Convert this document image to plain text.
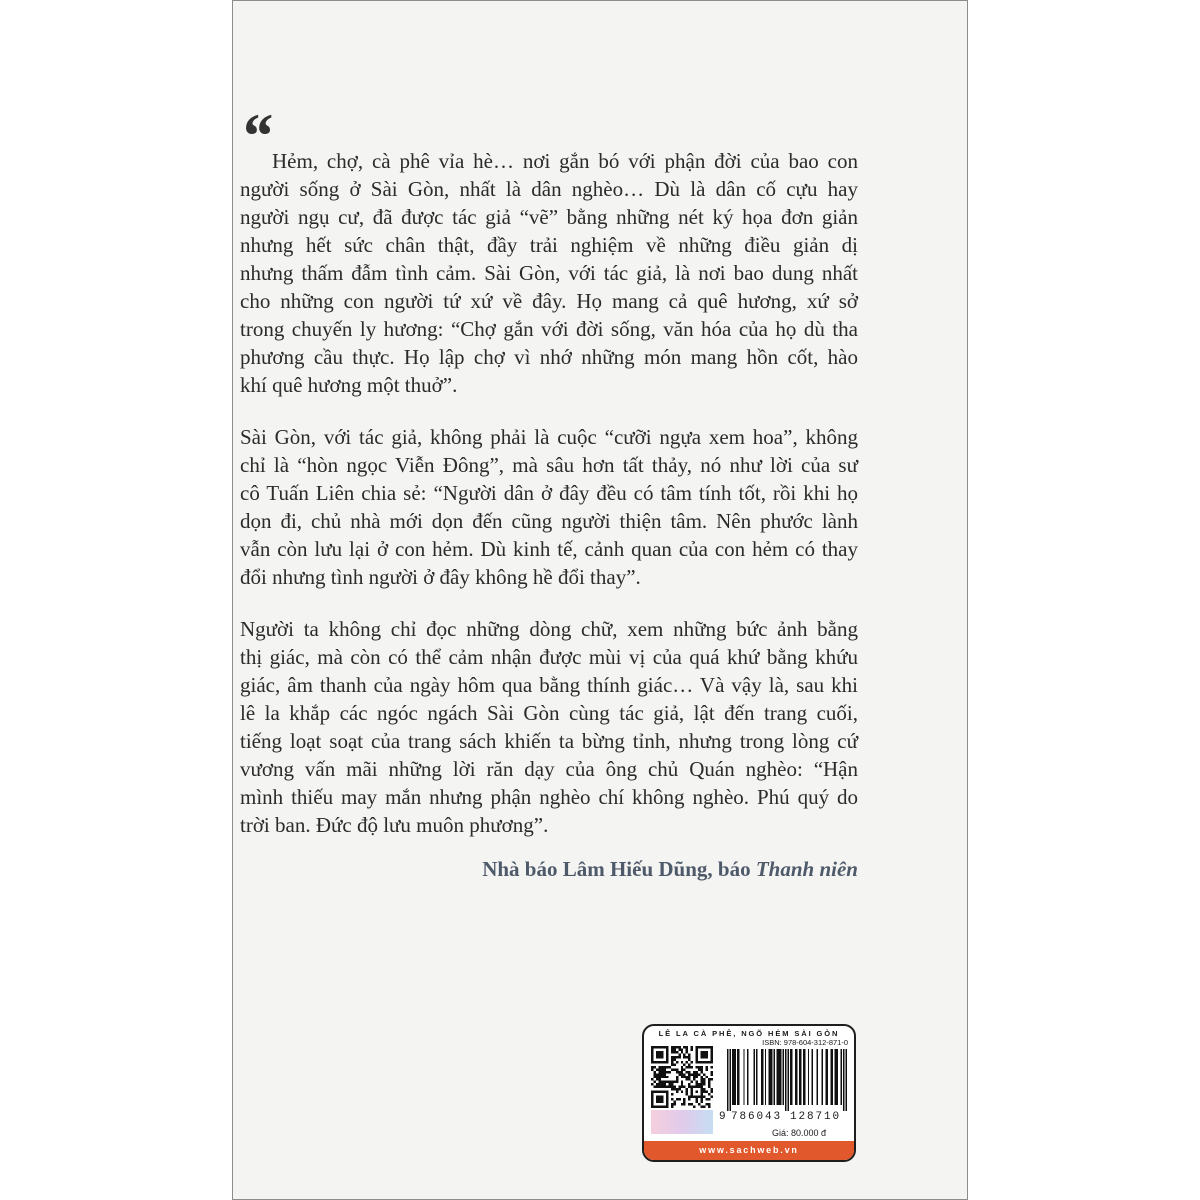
“ Hẻm, chợ, cà phê vỉa hè… nơi gắn bó với phận đời của bao con
người sống ở Sài Gòn, nhất là dân nghèo… Dù là dân cố cựu hay
người ngụ cư, đã được tác giả “vẽ” bằng những nét ký họa đơn giản
nhưng hết sức chân thật, đầy trải nghiệm về những điều giản dị
nhưng thấm đẫm tình cảm. Sài Gòn, với tác giả, là nơi bao dung nhất
cho những con người tứ xứ về đây. Họ mang cả quê hương, xứ sở
trong chuyến ly hương: “Chợ gắn với đời sống, văn hóa của họ dù tha
phương cầu thực. Họ lập chợ vì nhớ những món mang hồn cốt, hào
khí quê hương một thuở”.
Sài Gòn, với tác giả, không phải là cuộc “cưỡi ngựa xem hoa”, không
chỉ là “hòn ngọc Viễn Đông”, mà sâu hơn tất thảy, nó như lời của sư
cô Tuấn Liên chia sẻ: “Người dân ở đây đều có tâm tính tốt, rồi khi họ
dọn đi, chủ nhà mới dọn đến cũng người thiện tâm. Nên phước lành
vẫn còn lưu lại ở con hẻm. Dù kinh tế, cảnh quan của con hẻm có thay
đổi nhưng tình người ở đây không hề đổi thay”.
Người ta không chỉ đọc những dòng chữ, xem những bức ảnh bằng
thị giác, mà còn có thể cảm nhận được mùi vị của quá khứ bằng khứu
giác, âm thanh của ngày hôm qua bằng thính giác… Và vậy là, sau khi
lê la khắp các ngóc ngách Sài Gòn cùng tác giả, lật đến trang cuối,
tiếng loạt soạt của trang sách khiến ta bừng tỉnh, nhưng trong lòng cứ
vương vấn mãi những lời răn dạy của ông chủ Quán nghèo: “Hận
mình thiếu may mắn nhưng phận nghèo chí không nghèo. Phú quý do
trời ban. Đức độ lưu muôn phương”.
Nhà báo Lâm Hiếu Dũng, báo Thanh niên
LÊ LA CÀ PHÊ, NGÕ HẺM SÀI GÒN
ISBN: 978-604-312-871-0
9 786043 128710
Giá: 80.000 đ
www.sachweb.vn
